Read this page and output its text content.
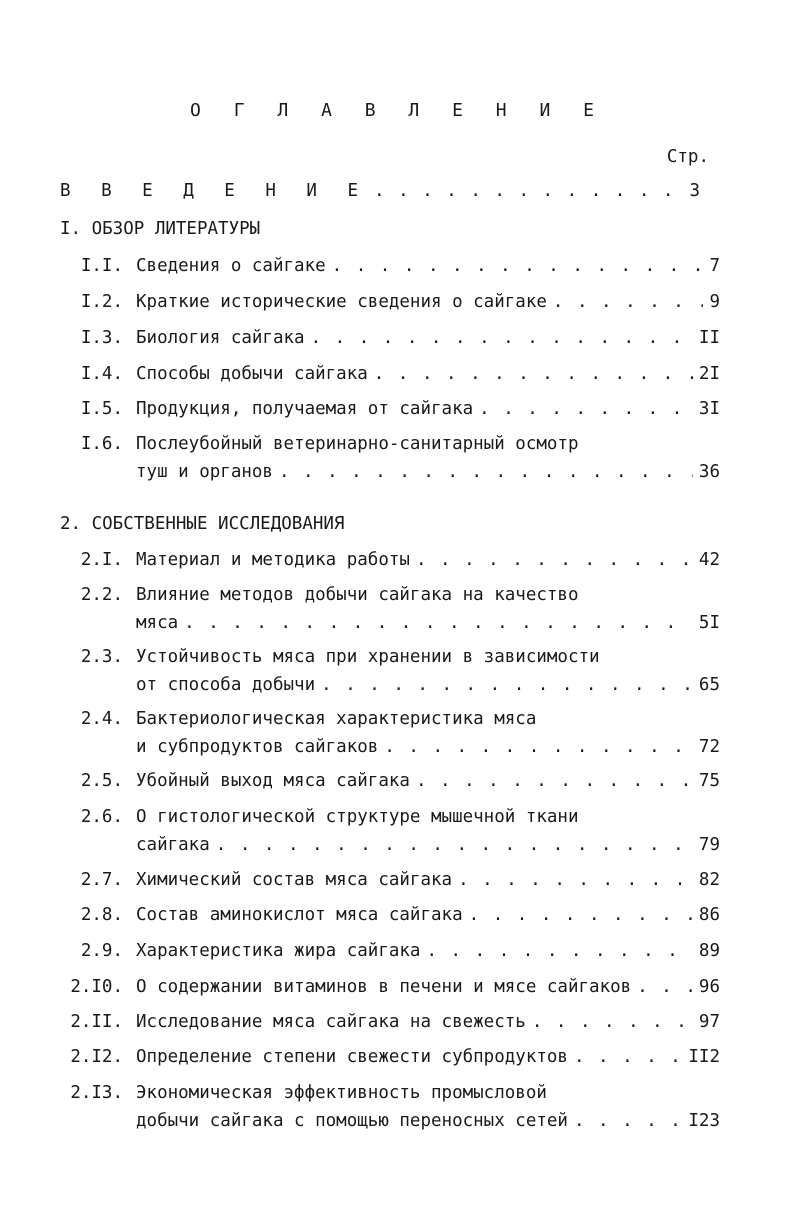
О Г Л А В Л Е Н И Е
Стр.
В В Е Д Е Н И Е . . .	3
I. ОБЗОР ЛИТЕРАТУРЫ
I.I. Сведения о сайгаке . . .	7
I.2. Краткие исторические сведения о сайгаке . . .	9
I.3. Биология сайгака . . .	II
I.4. Способы добычи сайгака . . .	2I
I.5. Продукция, получаемая от сайгака . . .	3I
I.6. Послеубойный ветеринарно-санитарный осмотр
туш и органов . . .	36
2. СОБСТВЕННЫЕ ИССЛЕДОВАНИЯ
2.I. Материал и методика работы . . .	42
2.2. Влияние методов добычи сайгака на качество
мяса . . .	5I
2.3. Устойчивость мяса при хранении в зависимости
от способа добычи . . .	65
2.4. Бактериологическая характеристика мяса
и субпродуктов сайгаков . . .	72
2.5. Убойный выход мяса сайгака . . .	75
2.6. О гистологической структуре мышечной ткани
сайгака . . .	79
2.7. Химический состав мяса сайгака . . .	82
2.8. Состав аминокислот мяса сайгака . . .	86
2.9. Характеристика жира сайгака . . .	89
2.I0. О содержании витаминов в печени и мясе сайгаков . . .	96
2.II. Исследование мяса сайгака на свежесть . . .	97
2.I2. Определение степени свежести субпродуктов . . .	II2
2.I3. Экономическая эффективность промысловой
добычи сайгака с помощью переносных сетей . . .	I23
